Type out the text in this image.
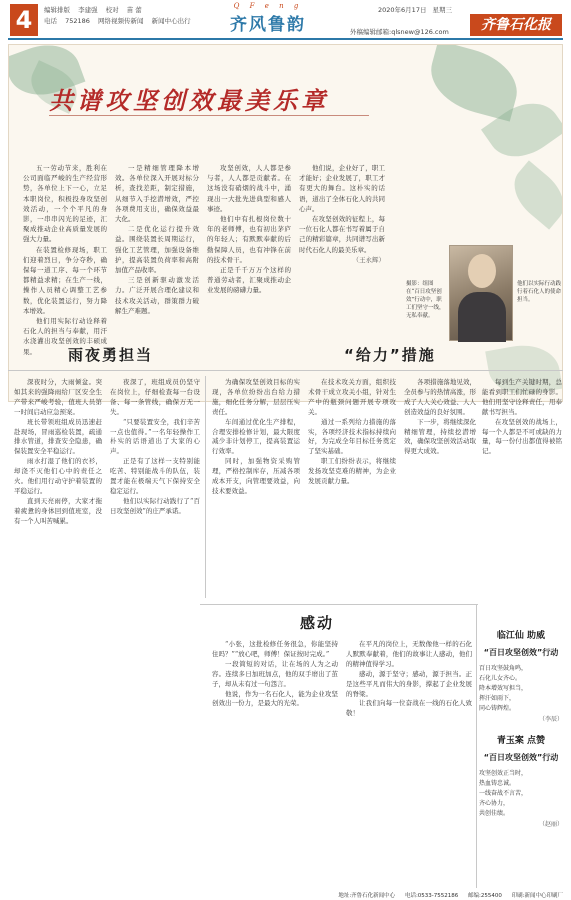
4	编辑排版 李建强 校对 苗 蕾
电话 752186 网络视频传新闻 新闻中心出行
Q F e n g
齐风鲁韵
2020年6月17日 星期三
齐鲁石化报
外稿编辑邮箱:qlsnew@126.com
共谱攻坚创效最美乐章

五一劳动节来，胜利在公司面临严峻的生产经营形势，各单位上下一心，立足本职岗位，积极投身攻坚创效活动，一个个平凡的身影，一串串闪光的足迹，汇聚成推动企业高质量发展的强大力量。

在装置检修现场，职工们迎着烈日，争分夺秒，确保每一道工序、每一个环节都精益求精；在生产一线，操作人员精心调整工艺参数，优化装置运行，努力降本增效。

他们用实际行动诠释着石化人的担当与奉献，用汗水浇灌出攻坚创效的丰硕成果。

一是精细管理降本增效。各单位深入开展对标分析，查找差距，制定措施，从细节入手挖潜增效，严控各项费用支出，确保效益最大化。

二是优化运行提升效益。围绕装置长周期运行，强化工艺管理，加强设备维护，提高装置负荷率和高附加值产品收率。

三是创新驱动激发活力。广泛开展合理化建议和技术攻关活动，群策群力破解生产难题。

攻坚创效，人人都是参与者，人人都是贡献者。在这场没有硝烟的战斗中，涌现出一大批先进典型和感人事迹。

他们中有扎根岗位数十年的老师傅，也有初出茅庐的年轻人；有默默奉献的后勤保障人员，也有冲锋在前的技术骨干。

正是千千万万个这样的普通劳动者，汇聚成推动企业发展的磅礴力量。

他们说，企业好了，职工才能好；企业发展了，职工才有更大的舞台。这朴实的话语，道出了全体石化人的共同心声。

在攻坚创效的征程上，每一位石化人都在书写着属于自己的精彩篇章，共同谱写出新时代石化人的最美乐章。

（王永辉）
摄影：组图 在“百日攻坚创效”行动中，职工们坚守一线，无私奉献。
他们以实际行动践行着石化人的使命担当。
雨夜勇担当	“给力”措施

深夜时分，大雨倾盆。突如其来的强降雨给厂区安全生产带来严峻考验，值班人员第一时间启动应急预案。

班长带领班组成员迅速赶赴现场，冒雨巡检装置，疏通排水管道，排查安全隐患，确保装置安全平稳运行。

雨水打湿了他们的衣衫，却浇不灭他们心中的责任之火。他们用行动守护着装置的平稳运行。

直到天亮雨停，大家才拖着疲惫的身体回到值班室，没有一个人叫苦喊累。

夜深了，班组成员仍坚守在岗位上，仔细检查每一台设备、每一条管线，确保万无一失。

“只要装置安全，我们辛苦一点也值得。”一名年轻操作工朴实的话语道出了大家的心声。

正是有了这样一支特别能吃苦、特别能战斗的队伍，装置才能在极端天气下保持安全稳定运行。

他们以实际行动践行了“百日攻坚创效”的庄严承诺。

为确保攻坚创效目标的实现，各单位纷纷出台给力措施，细化任务分解，层层压实责任。

车间通过优化生产排程，合理安排检修计划，最大限度减少非计划停工，提高装置运行效率。

同时，加强物资采购管理，严格控制库存，压减各项成本开支，向管理要效益，向技术要效益。

在技术攻关方面，组织技术骨干成立攻关小组，针对生产中的瓶颈问题开展专项攻关。

通过一系列给力措施的落实，各项经济技术指标持续向好，为完成全年目标任务奠定了坚实基础。

职工们纷纷表示，将继续发扬攻坚克难的精神，为企业发展贡献力量。

各项措施落地见效，全员参与的热情高涨，形成了人人关心效益、人人创造效益的良好氛围。

下一步，将继续深化精细管理，持续挖潜增效，确保攻坚创效活动取得更大成效。

每到生产关键时期，总能看到职工们忙碌的身影。他们用坚守诠释责任，用奉献书写担当。

在攻坚创效的战场上，每一个人都是不可或缺的力量，每一份付出都值得被铭记。

感动

“小张，这批检修任务很急，你能坚持住吗？”“放心吧，师傅！保证按时完成。”

一段简短的对话，让在场的人为之动容。连续多日加班加点，他的双手磨出了茧子，却从未有过一句怨言。

他说，作为一名石化人，能为企业攻坚创效出一份力，是最大的光荣。

在平凡的岗位上，无数像他一样的石化人默默奉献着，他们的故事让人感动，他们的精神值得学习。

感动，源于坚守；感动，源于担当。正是这些平凡而伟大的身影，撑起了企业发展的脊梁。

让我们向每一位奋战在一线的石化人致敬！

临江仙 助威
“百日攻坚创效”行动
百日攻坚鼓角鸣，
石化儿女齐心。
降本增效写担当，
挥汗如雨下，
同心铸辉煌。
（李辰）
青玉案 点赞
“百日攻坚创效”行动
攻坚创效正当时，
热血铸忠诚。
一线奋战不言苦，
齐心协力，
共创佳绩。
（赵丽）
地址:齐鲁石化新闻中心 电话:0533-7552186 邮编:255400 印刷:新闻中心印刷厂
